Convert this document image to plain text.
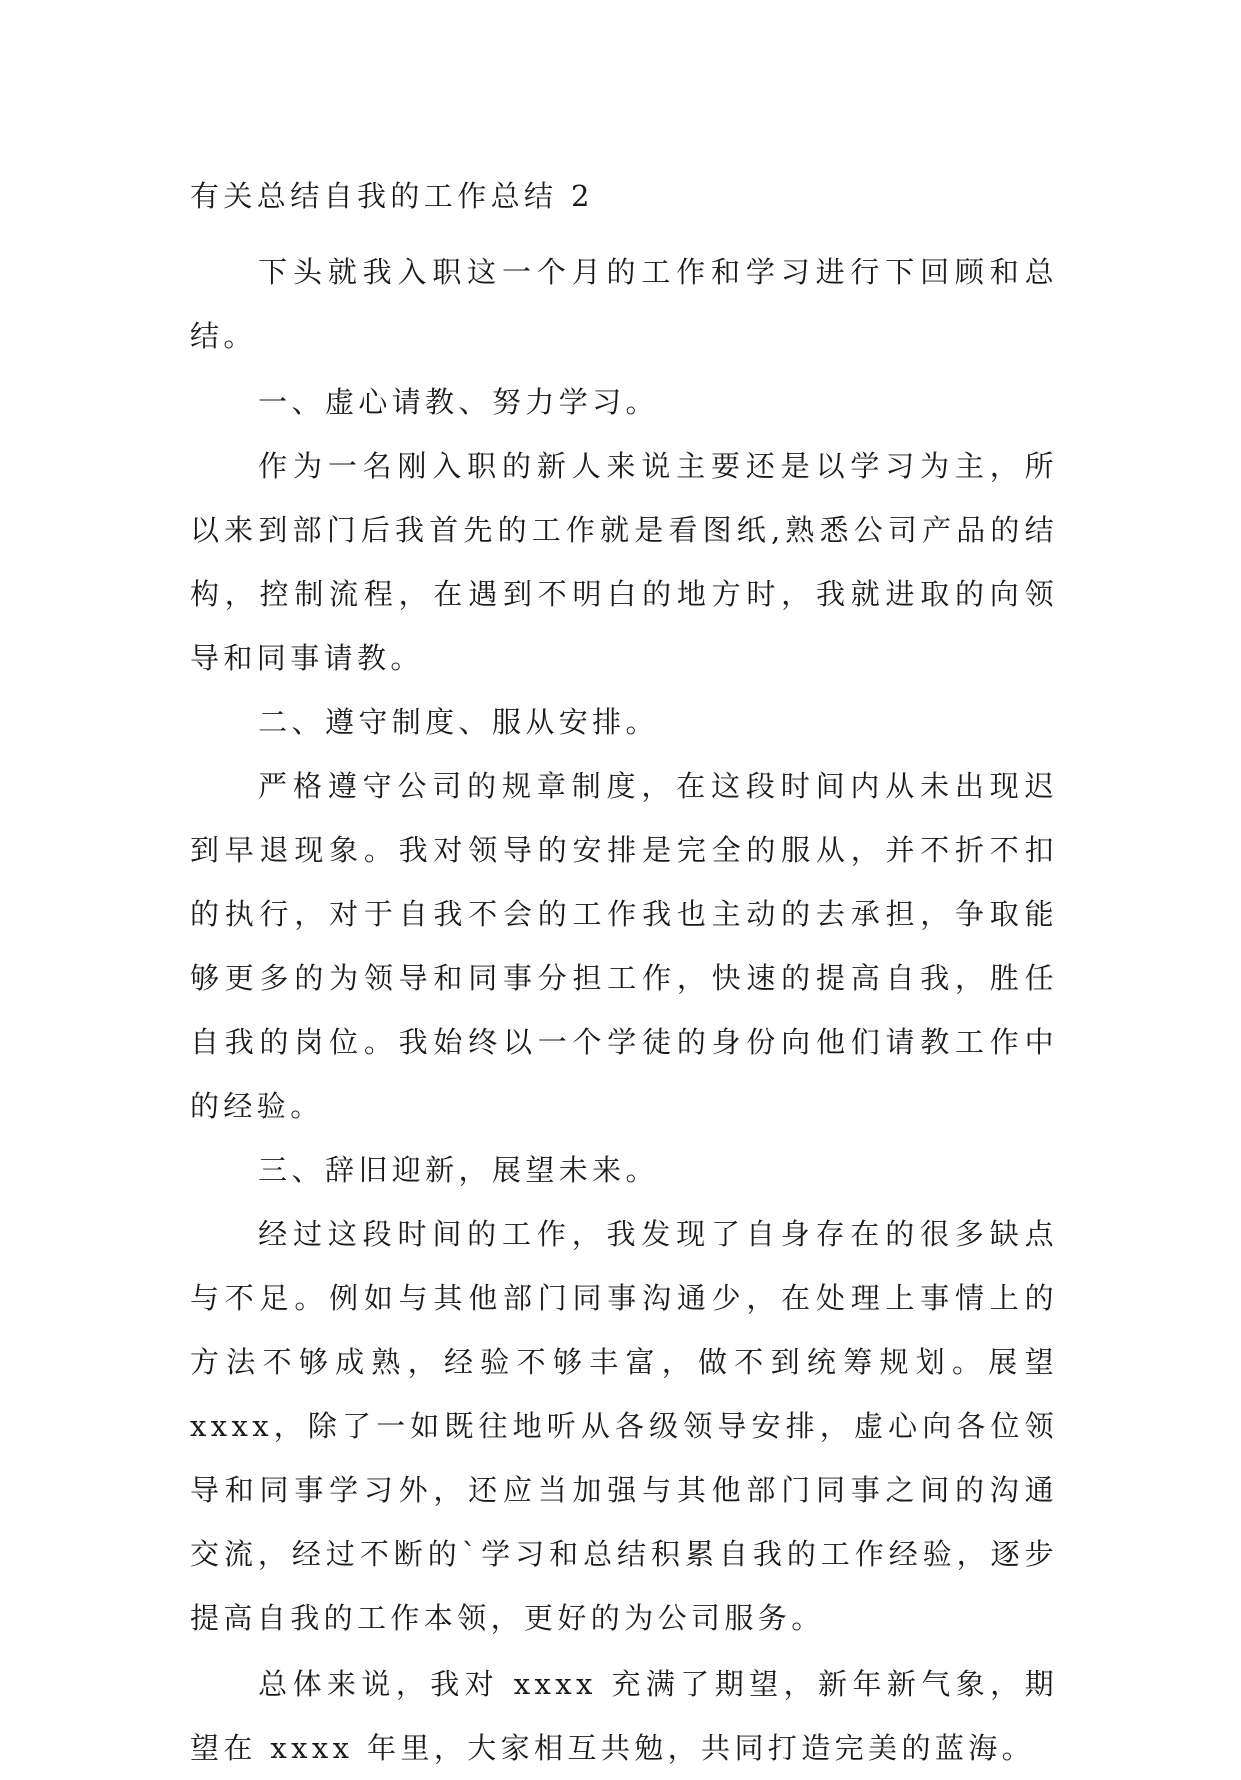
有关总结自我的工作总结 2

下头就我入职这一个月的工作和学习进行下回顾和总结。

一、虚心请教、努力学习。

作为一名刚入职的新人来说主要还是以学习为主，所以来到部门后我首先的工作就是看图纸,熟悉公司产品的结构，控制流程，在遇到不明白的地方时，我就进取的向领导和同事请教。

二、遵守制度、服从安排。

严格遵守公司的规章制度，在这段时间内从未出现迟到早退现象。我对领导的安排是完全的服从，并不折不扣的执行，对于自我不会的工作我也主动的去承担，争取能够更多的为领导和同事分担工作，快速的提高自我，胜任自我的岗位。我始终以一个学徒的身份向他们请教工作中的经验。

三、辞旧迎新，展望未来。

经过这段时间的工作，我发现了自身存在的很多缺点与不足。例如与其他部门同事沟通少，在处理上事情上的方法不够成熟，经验不够丰富，做不到统筹规划。展望 xxxx，除了一如既往地听从各级领导安排，虚心向各位领导和同事学习外，还应当加强与其他部门同事之间的沟通交流，经过不断的`学习和总结积累自我的工作经验，逐步提高自我的工作本领，更好的为公司服务。

总体来说，我对 xxxx 充满了期望，新年新气象，期望在 xxxx 年里，大家相互共勉，共同打造完美的蓝海。
